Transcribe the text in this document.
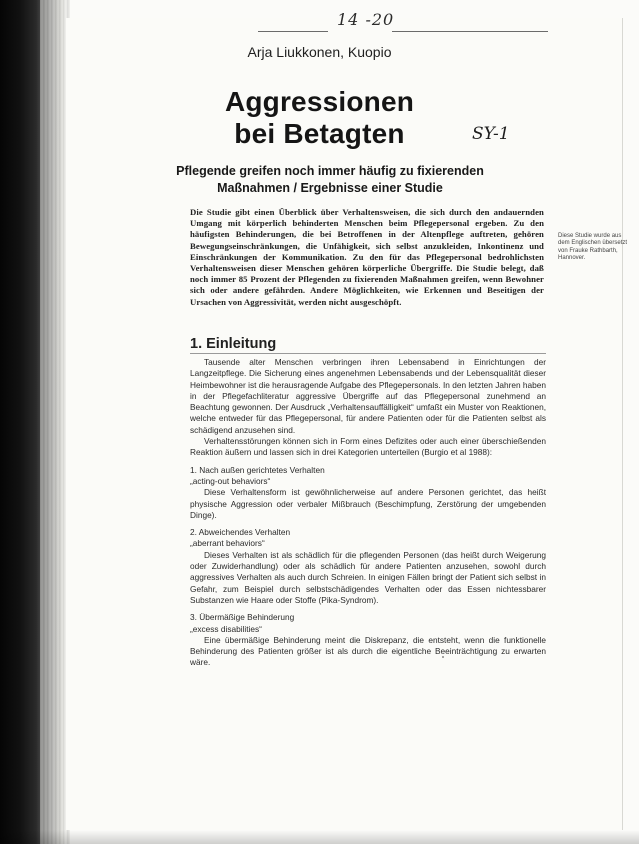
14 -20
Arja Liukkonen, Kuopio
Aggressionen
bei Betagten	SY-1
Pflegende greifen noch immer häufig zu fixierenden
Maßnahmen / Ergebnisse einer Studie

Die Studie gibt einen Überblick über Verhaltensweisen, die sich durch den andauernden Umgang mit körperlich behinderten Menschen beim Pflegepersonal ergeben. Zu den häufigsten Behinderungen, die bei Betroffenen in der Altenpflege auftreten, gehören Bewegungseinschränkungen, die Unfähigkeit, sich selbst anzukleiden, Inkontinenz und Einschränkungen der Kommunikation. Zu den für das Pflegepersonal bedrohlichsten Verhaltensweisen dieser Menschen gehören körperliche Übergriffe. Die Studie belegt, daß noch immer 85 Prozent der Pflegenden zu fixierenden Maßnahmen greifen, wenn Bewohner sich oder andere gefährden. Andere Möglichkeiten, wie Erkennen und Beseitigen der Ursachen von Aggressivität, werden nicht ausgeschöpft.

Diese Studie wurde aus dem Englischen übersetzt von Frauke Rathbarth, Hannover.
1. Einleitung

Tausende alter Menschen verbringen ihren Lebensabend in Einrichtungen der Langzeitpflege. Die Sicherung eines angenehmen Lebensabends und der Lebensqualität dieser Heimbewohner ist die herausragende Aufgabe des Pflegepersonals. In den letzten Jahren haben in der Pflegefachliteratur aggressive Übergriffe auf das Pflegepersonal zunehmend an Beachtung gewonnen. Der Ausdruck „Verhaltensauffälligkeit“ umfaßt ein Muster von Reaktionen, welche entweder für das Pflegepersonal, für andere Patienten oder für die Patienten selbst als schädigend anzusehen sind.

Verhaltensstörungen können sich in Form eines Defizites oder auch einer überschießenden Reaktion äußern und lassen sich in drei Kategorien unterteilen (Burgio et al 1988):

1. Nach außen gerichtetes Verhalten

„acting-out behaviors“

Diese Verhaltensform ist gewöhnlicherweise auf andere Personen gerichtet, das heißt physische Aggression oder verbaler Mißbrauch (Beschimpfung, Zerstörung der umgebenden Dinge).

2. Abweichendes Verhalten

„aberrant behaviors“

Dieses Verhalten ist als schädlich für die pflegenden Personen (das heißt durch Weigerung oder Zuwiderhandlung) oder als schädlich für andere Patienten anzusehen, sowohl durch aggressives Verhalten als auch durch Schreien. In einigen Fällen bringt der Patient sich selbst in Gefahr, zum Beispiel durch selbstschädigendes Verhalten oder das Essen nichtessbarer Substanzen wie Haare oder Stoffe (Pika-Syndrom).

3. Übermäßige Behinderung

„excess disabilities“

Eine übermäßige Behinderung meint die Diskrepanz, die entsteht, wenn die funktionelle Behinderung des Patienten größer ist als durch die eigentliche Beeinträchtigung zu erwarten wäre.
